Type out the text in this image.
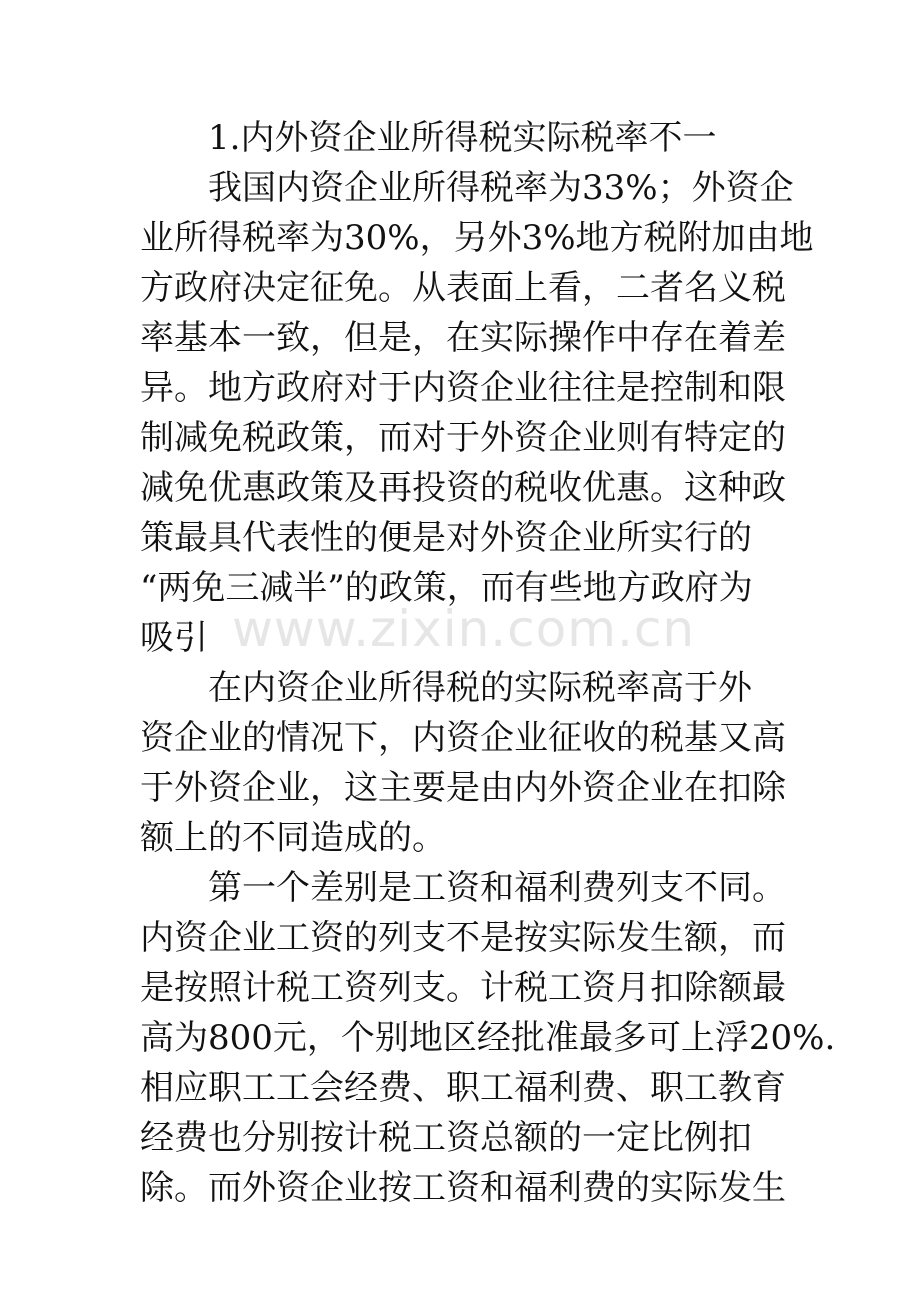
www.zixin.com.cn
1.内外资企业所得税实际税率不一
我国内资企业所得税率为33%；外资企
业所得税率为30%，另外3%地方税附加由地
方政府决定征免。从表面上看，二者名义税
率基本一致，但是，在实际操作中存在着差
异。地方政府对于内资企业往往是控制和限
制减免税政策，而对于外资企业则有特定的
减免优惠政策及再投资的税收优惠。这种政
策最具代表性的便是对外资企业所实行的
“两免三减半”的政策，而有些地方政府为
吸引
在内资企业所得税的实际税率高于外
资企业的情况下，内资企业征收的税基又高
于外资企业，这主要是由内外资企业在扣除
额上的不同造成的。
第一个差别是工资和福利费列支不同。
内资企业工资的列支不是按实际发生额，而
是按照计税工资列支。计税工资月扣除额最
高为800元，个别地区经批准最多可上浮20%.
相应职工工会经费、职工福利费、职工教育
经费也分别按计税工资总额的一定比例扣
除。而外资企业按工资和福利费的实际发生
